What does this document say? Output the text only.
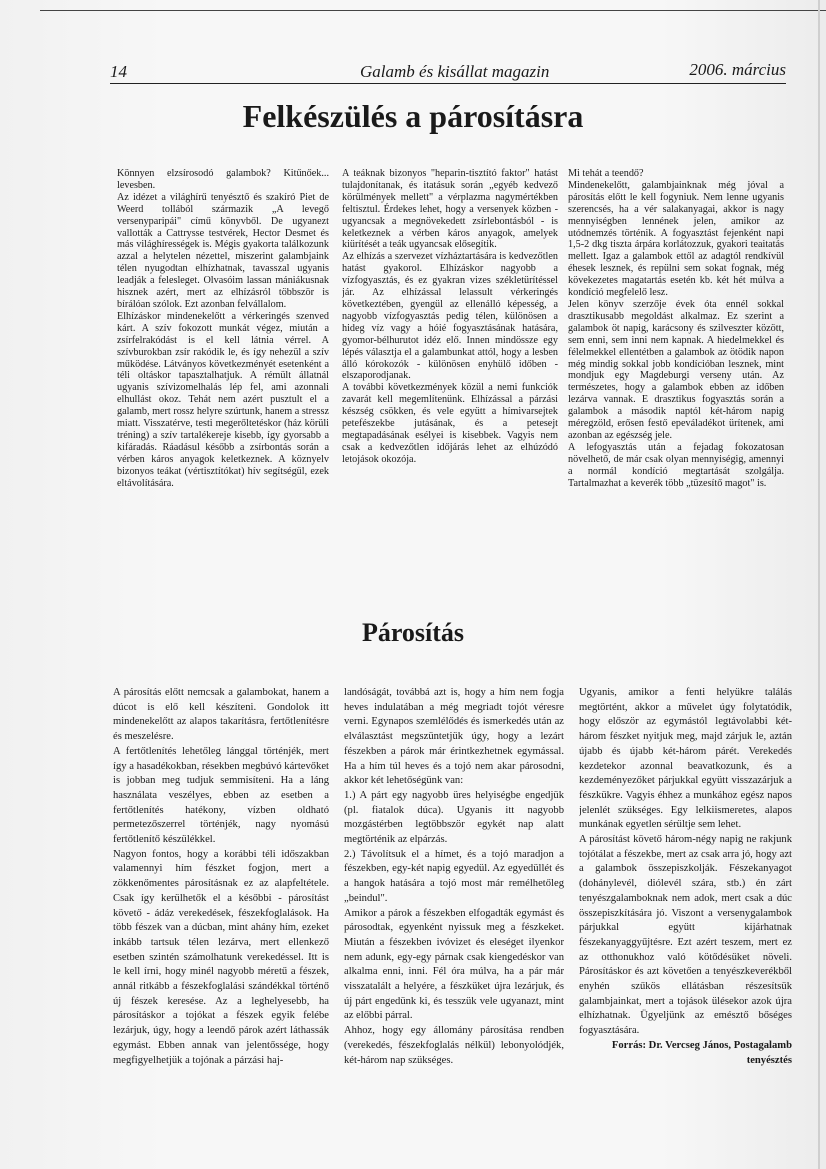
14	Galamb és kisállat magazin	2006. március
Felkészülés a párosításra

Könnyen elzsírosodó galambok? Kitűnőek... levesben.

Az idézet a világhírű tenyésztő és szakíró Piet de Weerd tollából származik „A levegő versenyparipái" című könyvből. De ugyanezt vallották a Cattrysse testvérek, Hector Desmet és más világhírességek is. Mégis gyakorta találkozunk azzal a helytelen nézettel, miszerint galambjaink télen nyugodtan elhízhatnak, tavasszal ugyanis leadják a felesleget. Olvasóim lassan mániákusnak hisznek azért, mert az elhízásról többször is bírálóan szólok. Ezt azonban felvállalom.

Elhízáskor mindenekelőtt a vérkeringés szenved kárt. A szív fokozott munkát végez, miután a zsírfelrakódást is el kell látnia vérrel. A szívburokban zsír rakódik le, és így nehezül a szív működése. Látványos következményét esetenként a téli oltáskor tapasztalhatjuk. A rémült állatnál ugyanis szívizomelhalás lép fel, ami azonnali elhullást okoz. Tehát nem azért pusztult el a galamb, mert rossz helyre szúrtunk, hanem a stressz miatt. Visszatérve, testi megerőltetéskor (ház körüli tréning) a szív tartalékereje kisebb, így gyorsabb a kifáradás. Ráadásul később a zsírbontás során a vérben káros anyagok keletkeznek. A köznyelv bizonyos teákat (vértisztítókat) hív segítségül, ezek eltávolítására.

A teáknak bizonyos "heparin-tisztító faktor" hatást tulajdonítanak, és itatásuk során „egyéb kedvező körülmények mellett" a vérplazma nagymértékben feltisztul. Érdekes lehet, hogy a versenyek közben - ugyancsak a megnövekedett zsírlebontásból - is keletkeznek a vérben káros anyagok, amelyek kiürítését a teák ugyancsak elősegítik.

Az elhízás a szervezet vízháztartására is kedvezőtlen hatást gyakorol. Elhízáskor nagyobb a vízfogyasztás, és ez gyakran vizes székletürítéssel jár. Az elhízással lelassult vérkeringés következtében, gyengül az ellenálló képesség, a nagyobb vízfogyasztás pedig télen, különösen a hideg víz vagy a hóié fogyasztásának hatására, gyomor-bélhurutot idéz elő. Innen mindössze egy lépés választja el a galambunkat attól, hogy a lesben álló kórokozók - különösen enyhülő időben - elszaporodjanak.

A további következmények közül a nemi funkciók zavarát kell megemlítenünk. Elhízással a párzási készség csökken, és vele együtt a hímivarsejtek petefészekbe jutásának, és a petesejt megtapadásának esélyei is kisebbek. Vagyis nem csak a kedvezőtlen időjárás lehet az elhúzódó letojások okozója.

Mi tehát a teendő?

Mindenekelőtt, galambjainknak még jóval a párosítás előtt le kell fogyniuk. Nem lenne ugyanis szerencsés, ha a vér salakanyagai, akkor is nagy mennyiségben lennének jelen, amikor az utódnemzés történik. A fogyasztást fejenként napi 1,5-2 dkg tiszta árpára korlátozzuk, gyakori teaitatás mellett. Igaz a galambok ettől az adagtól rendkívül éhesek lesznek, és repülni sem sokat fognak, még kövekezetes magatartás esetén kb. két hét múlva a kondíció megfelelő lesz.

Jelen könyv szerzője évek óta ennél sokkal drasztikusabb megoldást alkalmaz. Ez szerint a galambok öt napig, karácsony és szilveszter között, sem enni, sem inni nem kapnak. A hiedelmekkel és félelmekkel ellentétben a galambok az ötödik napon még mindig sokkal jobb kondícióban lesznek, mint mondjuk egy Magdeburgi verseny után. Az természetes, hogy a galambok ebben az időben lezárva vannak. E drasztikus fogyasztás során a galambok a második naptól két-három napig méregzöld, erősen festő epeváladékot ürítenek, ami azonban az egészség jele.

A lefogyasztás után a fejadag fokozatosan növelhető, de már csak olyan mennyiségig, amennyi a normál kondíció megtartását szolgálja. Tartalmazhat a keverék több „tüzesítő magot" is.

Párosítás

A párosítás előtt nemcsak a galambokat, hanem a dúcot is elő kell készíteni. Gondolok itt mindenekelőtt az alapos takarításra, fertőtlenítésre és meszelésre.

A fertőtlenítés lehetőleg lánggal történjék, mert így a hasadékokban, résekben megbúvó kártevőket is jobban meg tudjuk semmisíteni. Ha a láng használata veszélyes, ebben az esetben a fertőtlenítés hatékony, vízben oldható permetezőszerrel történjék, nagy nyomású fertőtlenítő készülékkel.

Nagyon fontos, hogy a korábbi téli időszakban valamennyi hím fészket fogjon, mert a zökkenőmentes párosításnak ez az alapfeltétele. Csak így kerülhetők el a későbbi - párosítást követő - ádáz verekedések, fészekfoglalások. Ha több fészek van a dúcban, mint ahány hím, ezeket inkább tartsuk télen lezárva, mert ellenkező esetben szintén számolhatunk verekedéssel. Itt is le kell írni, hogy minél nagyobb méretű a fészek, annál ritkább a fészekfoglalási szándékkal történő új fészek keresése. Az a leghelyesebb, ha párosításkor a tojókat a fészek egyik felébe lezárjuk, úgy, hogy a leendő párok azért láthassák egymást. Ebben annak van jelentőssége, hogy megfigyelhetjük a tojónak a párzási haj-

landóságát, továbbá azt is, hogy a hím nem fogja heves indulatában a még megriadt tojót véresre verni. Egynapos szemlélődés és ismerkedés után az elválasztást megszüntetjük úgy, hogy a lezárt fészekben a párok már érintkezhetnek egymással. Ha a hím túl heves és a tojó nem akar párosodni, akkor két lehetőségünk van:

1.) A párt egy nagyobb üres helyiségbe engedjük (pl. fiatalok dúca). Ugyanis itt nagyobb mozgástérben legtöbbször egykét nap alatt megtörténik az elpárzás.

2.) Távolítsuk el a hímet, és a tojó maradjon a fészekben, egy-két napig egyedül. Az egyedüllét és a hangok hatására a tojó most már remélhetőleg „beindul".

Amikor a párok a fészekben elfogadták egymást és párosodtak, egyenként nyissuk meg a fészkeket. Miután a fészekben ivóvizet és eleséget ilyenkor nem adunk, egy-egy párnak csak kiengedéskor van alkalma enni, inni. Fél óra múlva, ha a pár már visszatalált a helyére, a fészküket újra lezárjuk, és új párt engedünk ki, és tesszük vele ugyanazt, mint az előbbi párral.

Ahhoz, hogy egy állomány párosítása rendben (verekedés, fészekfoglalás nélkül) lebonyolódjék, két-három nap szükséges.

Ugyanis, amikor a fenti helyükre találás megtörtént, akkor a művelet úgy folytatódik, hogy először az egymástól legtávolabbi két-három fészket nyitjuk meg, majd zárjuk le, aztán újabb és újabb két-három párét. Verekedés kezdetekor azonnal beavatkozunk, és a kezdeményezőket párjukkal együtt visszazárjuk a fészkükre. Vagyis éhhez a munkához egész napos jelenlét szükséges. Egy lelkiismeretes, alapos munkának egyetlen sérültje sem lehet.

A párosítást követő három-négy napig ne rakjunk tojótálat a fészekbe, mert az csak arra jó, hogy azt a galambok összepiszkolják. Fészekanyagot (dohánylevél, diólevél szára, stb.) én zárt tenyészgalamboknak nem adok, mert csak a dúc összepiszkítására jó. Viszont a versenygalambok párjukkal együtt kijárhatnak fészekanyaggyűjtésre. Ezt azért teszem, mert ez az otthonukhoz való kötődésüket növeli. Párosításkor és azt követően a tenyészkeverékből enyhén szűkös ellátásban részesítsük galambjainkat, mert a tojások ülésekor azok újra elhízhatnak. Ügyeljünk az emésztő bőséges fogyasztására.

Forrás: Dr. Vercseg János, Postagalamb tenyésztés
